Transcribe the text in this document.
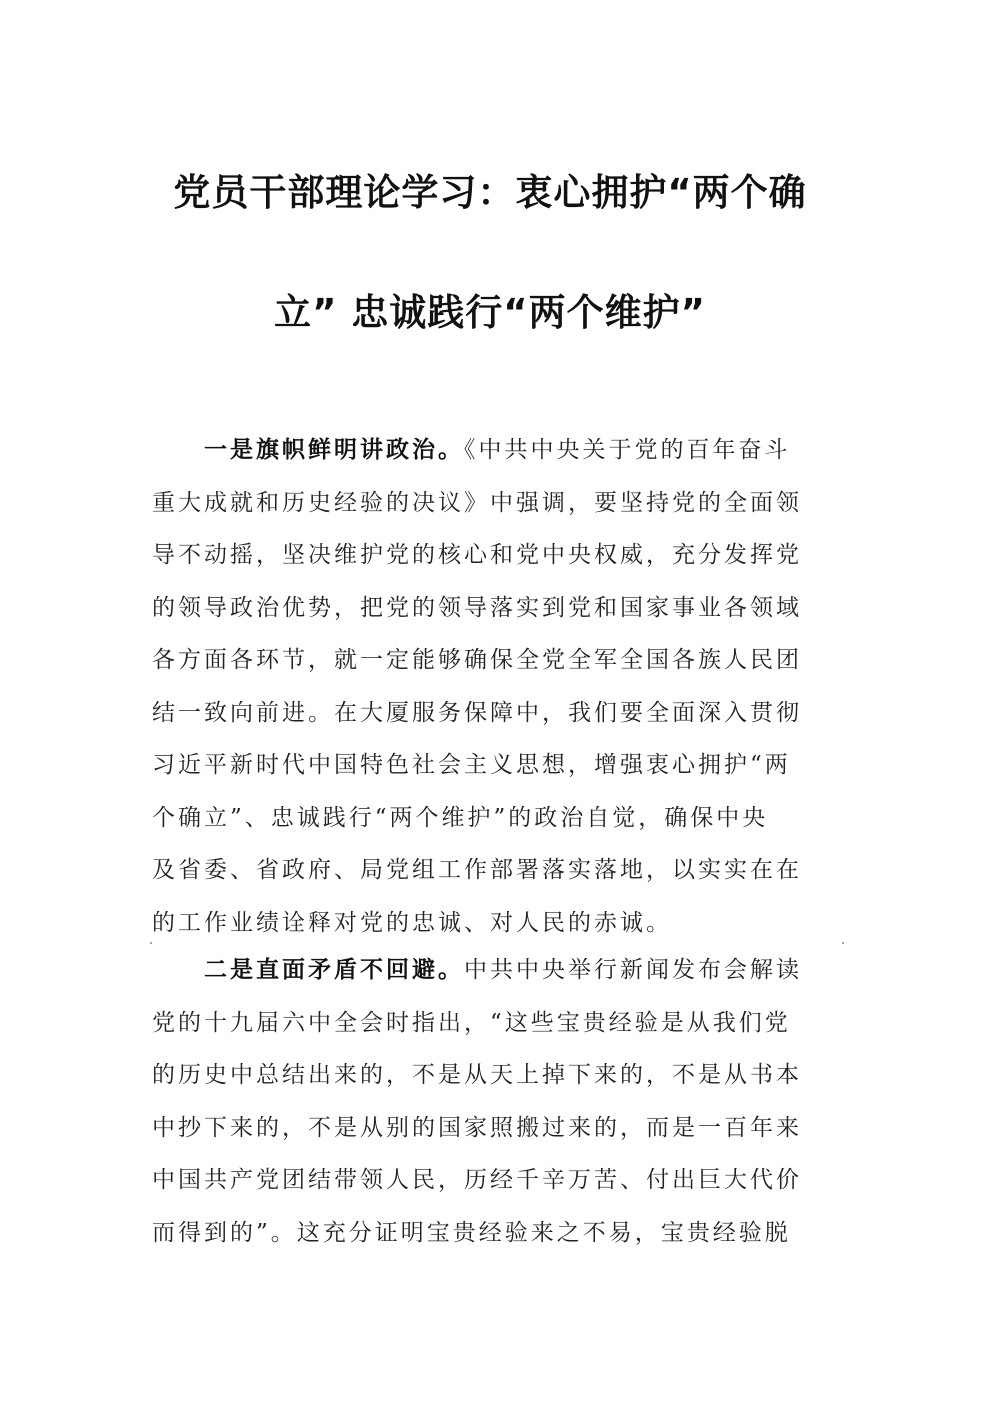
党员干部理论学习：衷心拥护“两个确
立” 忠诚践行“两个维护”
一是旗帜鲜明讲政治。《中共中央关于党的百年奋斗
重大成就和历史经验的决议》中强调，要坚持党的全面领
导不动摇，坚决维护党的核心和党中央权威，充分发挥党
的领导政治优势，把党的领导落实到党和国家事业各领域
各方面各环节，就一定能够确保全党全军全国各族人民团
结一致向前进。在大厦服务保障中，我们要全面深入贯彻
习近平新时代中国特色社会主义思想，增强衷心拥护“两
个确立”、忠诚践行“两个维护”的政治自觉，确保中央
及省委、省政府、局党组工作部署落实落地，以实实在在
的工作业绩诠释对党的忠诚、对人民的赤诚。
二是直面矛盾不回避。中共中央举行新闻发布会解读
党的十九届六中全会时指出，“这些宝贵经验是从我们党
的历史中总结出来的，不是从天上掉下来的，不是从书本
中抄下来的，不是从别的国家照搬过来的，而是一百年来
中国共产党团结带领人民，历经千辛万苦、付出巨大代价
而得到的”。这充分证明宝贵经验来之不易，宝贵经验脱
